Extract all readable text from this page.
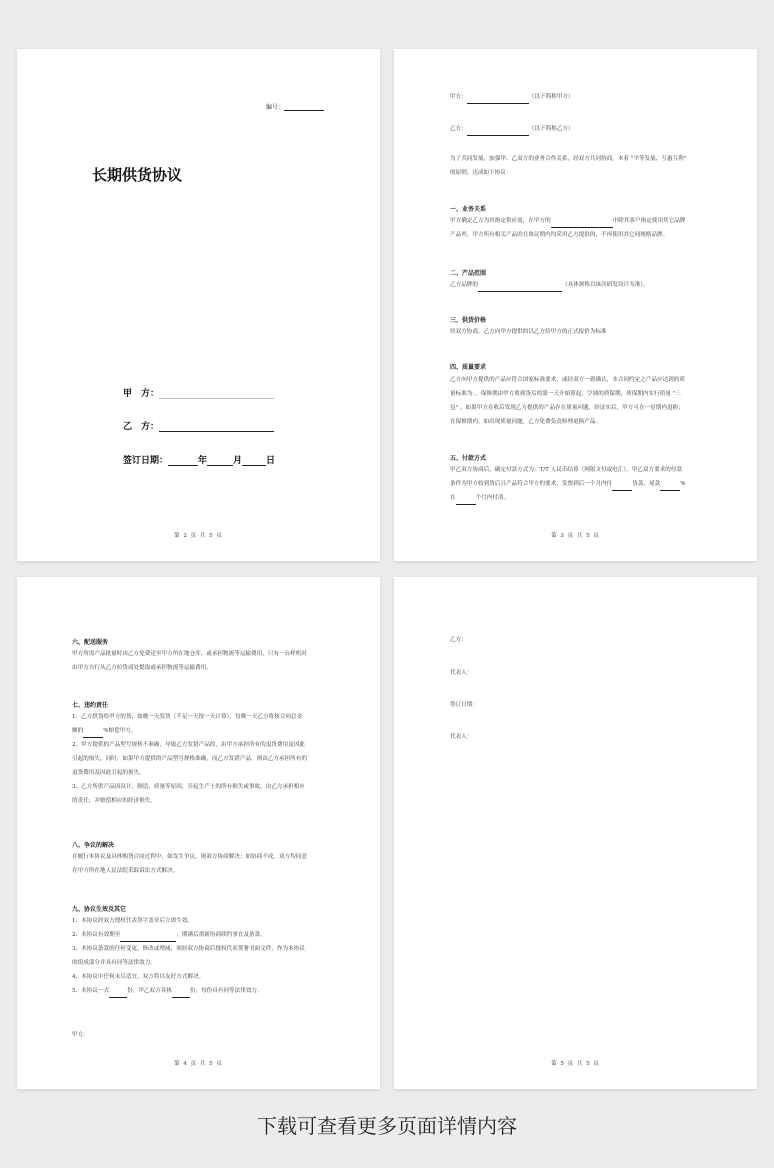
编号：
长期供货协议
甲　方：
乙　方：
签订日期：	年	月	日
第 2 页 共 5 页
甲方：	（以下简称甲方）
乙方：	（以下简称乙方）
为了共同发展，加强甲、乙双方的业务合作关系，经双方共同协商，本着 "平等发展、互惠互利"
的原则，达成如下协议：
一、业务关系
甲方确定乙方为其指定供应商，在甲方的	中除其客户指定使用其它品牌
产品外，甲方所有相关产品的在协议期内均采用乙方提供的，不再使用其它同规格品牌。
二、产品范围
乙方品牌的	（具体规格以该次研发设计为准）。
三、供货价格
经双方协商，乙方向甲方提供的以乙方给甲方的正式报价为标准
四、质量要求
乙方向甲方提供的产品应符合国家标准要求，或经双方一致确认，本合同约定之产品应达到的质
量标准为：，保修期由甲方收到货后的第一天开始算起，空调的质保期，质保期内实行质量 "三
包" ，如果甲方在收后发现乙方提供的产品存在质量问题，经证实后，甲方可在一星期内退换；
在保修期内，如出现质量问题，乙方免费负责修理更换产品。
五、付款方式
甲乙双方协商后，确定付款方式为：T/T 人民币结算（网银支付或电汇）。甲乙双方要求的付款
条件为甲方收到货后且产品符合甲方的要求，发票到后一个月内付	货款，尾款	%
在	个月内付清。
第 3 页 共 5 页
六、配送服务
甲方所需产品批量时由乙方免费送至甲方所在地仓库，或承担物流等运输费用，只有一台样机时
由甲方自行从乙方拉货商处提取或承担物流等运输费用。
七、违约责任
1、乙方供货给甲方的货，如晚一天发货（不足一天按一天计算），每晚一天乙方将按合同总金
额的	%赔偿甲方。
2、甲方提供的产品型号规格不准确，导致乙方发错产品的，由甲方承担所有的退货费用及因此
引起的损失，同时，如果甲方提供的产品型号规格准确，而乙方发错产品，则由乙方承担所有的
退货费用及因此引起的损失。
3、乙方所供产品因设计、制造、质量等原因，引起生产上的所有损失或事故，由乙方承担相应
的责任，并赔偿相应的经济损失。
八、争议的解决
在履行本协议及具体购货合同过程中，如发生争议，则双方协商解决；如协商不成，双方均同意
在甲方所在地人民法院采取诉讼方式解决。
九、协议生效及其它
1、本协议经双方授权代表签字盖章后立即生效。
2、本协议有效期至	，期满后重新协商续约事宜及条款。
3、本协议条款的任何变更、修改或增减，须经双方协商后授权代表签署书面文件，作为本协议
的组成部分并具有同等法律效力。
4、本协议中任何未尽适宜，双方将以友好方式解决。
5、本协议一式	份，甲乙双方各执	份，每份具有同等法律效力。
甲方：
第 4 页 共 5 页
乙方：
代表人：
签订日期：
代表人：
第 5 页 共 5 页
下载可查看更多页面详情内容
